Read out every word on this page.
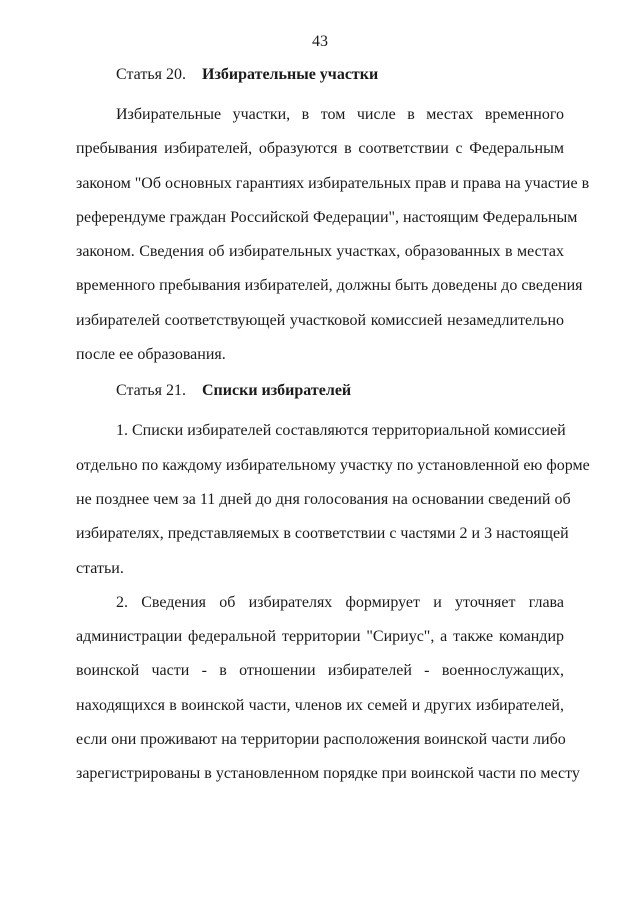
43
Статья 20. Избирательные участки
Избирательные участки, в том числе в местах временного
пребывания избирателей, образуются в соответствии с Федеральным
законом "Об основных гарантиях избирательных прав и права на участие в
референдуме граждан Российской Федерации", настоящим Федеральным
законом. Сведения об избирательных участках, образованных в местах
временного пребывания избирателей, должны быть доведены до сведения
избирателей соответствующей участковой комиссией незамедлительно
после ее образования.
Статья 21. Списки избирателей
1. Списки избирателей составляются территориальной комиссией
отдельно по каждому избирательному участку по установленной ею форме
не позднее чем за 11 дней до дня голосования на основании сведений об
избирателях, представляемых в соответствии с частями 2 и 3 настоящей
статьи.
2. Сведения об избирателях формирует и уточняет глава
администрации федеральной территории "Сириус", а также командир
воинской части - в отношении избирателей - военнослужащих,
находящихся в воинской части, членов их семей и других избирателей,
если они проживают на территории расположения воинской части либо
зарегистрированы в установленном порядке при воинской части по месту
